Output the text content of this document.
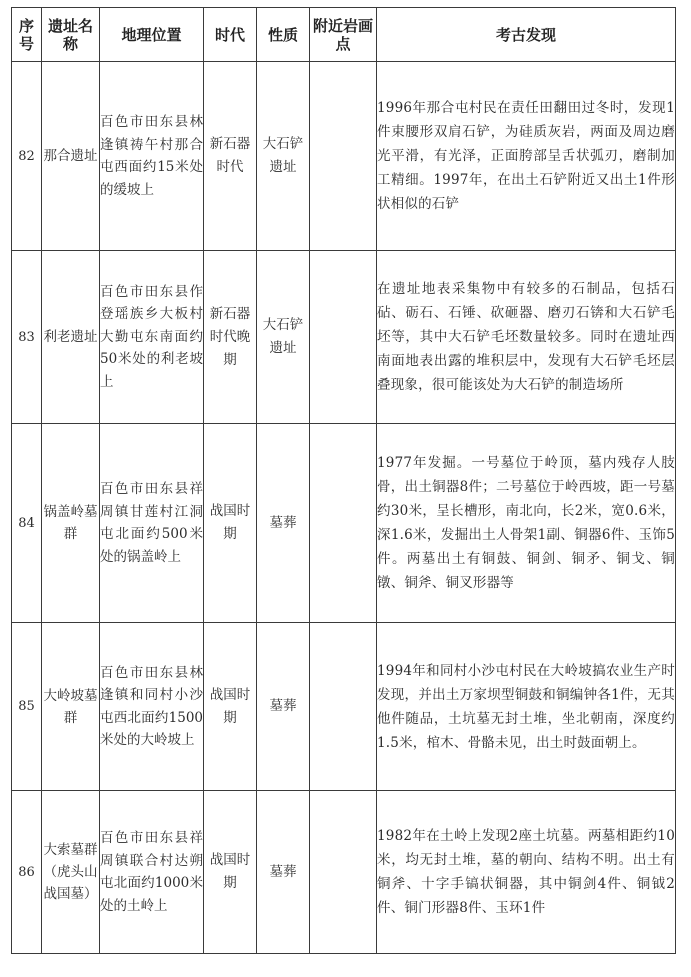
序号	遗址名称	地理位置	时代	性质	附近岩画点	考古发现
82	那合遗址	百色市田东县林逢镇祷午村那合屯西面约15米处的缓坡上	新石器时代	大石铲遗址		1996年那合屯村民在责任田翻田过冬时，发现1件束腰形双肩石铲，为硅质灰岩，两面及周边磨光平滑，有光泽，正面胯部呈舌状弧刃，磨制加工精细。1997年，在出土石铲附近又出土1件形状相似的石铲
83	利老遗址	百色市田东县作登瑶族乡大板村大勤屯东南面约50米处的利老坡上	新石器时代晚期	大石铲遗址		在遗址地表采集物中有较多的石制品，包括石砧、砺石、石锤、砍砸器、磨刃石锛和大石铲毛坯等，其中大石铲毛坯数量较多。同时在遗址西南面地表出露的堆积层中，发现有大石铲毛坯层叠现象，很可能该处为大石铲的制造场所
84	锅盖岭墓群	百色市田东县祥周镇甘莲村江洞屯北面约500米处的锅盖岭上	战国时期	墓葬		1977年发掘。一号墓位于岭顶，墓内残存人肢骨，出土铜器8件；二号墓位于岭西坡，距一号墓约30米，呈长槽形，南北向，长2米，宽0.6米，深1.6米，发掘出土人骨架1副、铜器6件、玉饰5件。两墓出土有铜鼓、铜剑、铜矛、铜戈、铜镦、铜斧、铜叉形器等
85	大岭坡墓群	百色市田东县林逢镇和同村小沙屯西北面约1500米处的大岭坡上	战国时期	墓葬		1994年和同村小沙屯村民在大岭坡搞农业生产时发现，并出土万家坝型铜鼓和铜编钟各1件，无其他件随品，土坑墓无封土堆，坐北朝南，深度约1.5米，棺木、骨骼未见，出土时鼓面朝上。
86	大索墓群（虎头山战国墓）	百色市田东县祥周镇联合村达朔屯北面约1000米处的土岭上	战国时期	墓葬		1982年在土岭上发现2座土坑墓。两墓相距约10米，均无封土堆，墓的朝向、结构不明。出土有铜斧、十字手镐状铜器，其中铜剑4件、铜钺2件、铜门形器8件、玉环1件
